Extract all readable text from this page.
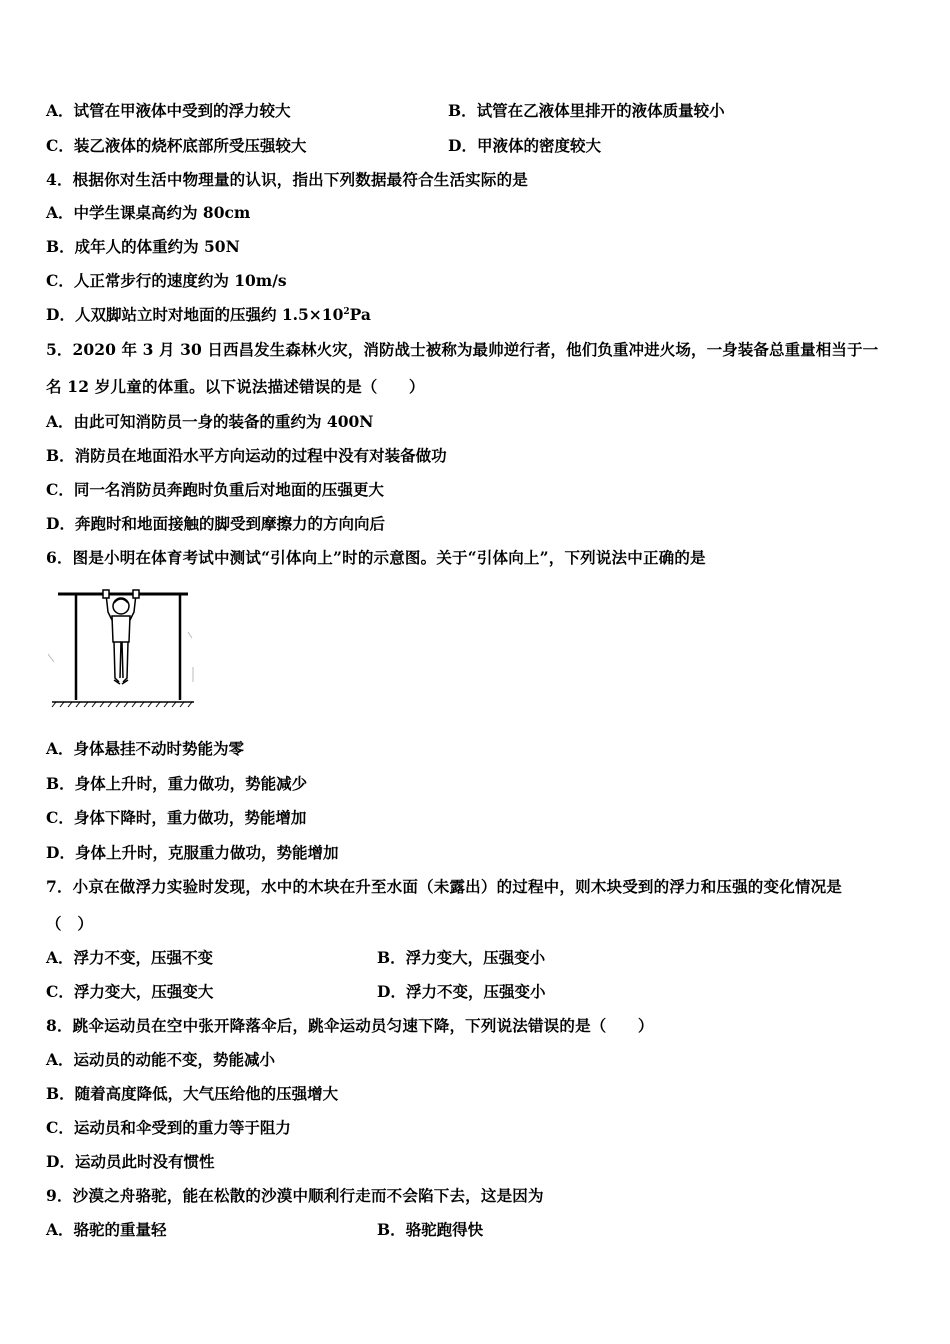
A．试管在甲液体中受到的浮力较大	B．试管在乙液体里排开的液体质量较小
C．装乙液体的烧杯底部所受压强较大	D．甲液体的密度较大
4．根据你对生活中物理量的认识，指出下列数据最符合生活实际的是
A．中学生课桌高约为 80cm
B．成年人的体重约为 50N
C．人正常步行的速度约为 10m/s
D．人双脚站立时对地面的压强约 $1.5\times 10^2Pa$
5．2020 年 3 月 30 日西昌发生森林火灾，消防战士被称为最帅逆行者，他们负重冲进火场，一身装备总重量相当于一
名 12 岁儿童的体重。以下说法描述错误的是（　　）
A．由此可知消防员一身的装备的重约为 400N
B．消防员在地面沿水平方向运动的过程中没有对装备做功
C．同一名消防员奔跑时负重后对地面的压强更大
D．奔跑时和地面接触的脚受到摩擦力的方向向后
6．图是小明在体育考试中测试“引体向上”时的示意图。关于“引体向上”，下列说法中正确的是
A．身体悬挂不动时势能为零
B．身体上升时，重力做功，势能减少
C．身体下降时，重力做功，势能增加
D．身体上升时，克服重力做功，势能增加
7．小京在做浮力实验时发现，水中的木块在升至水面（未露出）的过程中，则木块受到的浮力和压强的变化情况是
（　）
A．浮力不变，压强不变	B．浮力变大，压强变小
C．浮力变大，压强变大	D．浮力不变，压强变小
8．跳伞运动员在空中张开降落伞后，跳伞运动员匀速下降，下列说法错误的是（　　）
A．运动员的动能不变，势能减小
B．随着高度降低，大气压给他的压强增大
C．运动员和伞受到的重力等于阻力
D．运动员此时没有惯性
9．沙漠之舟骆驼，能在松散的沙漠中顺利行走而不会陷下去，这是因为
A．骆驼的重量轻	B．骆驼跑得快
